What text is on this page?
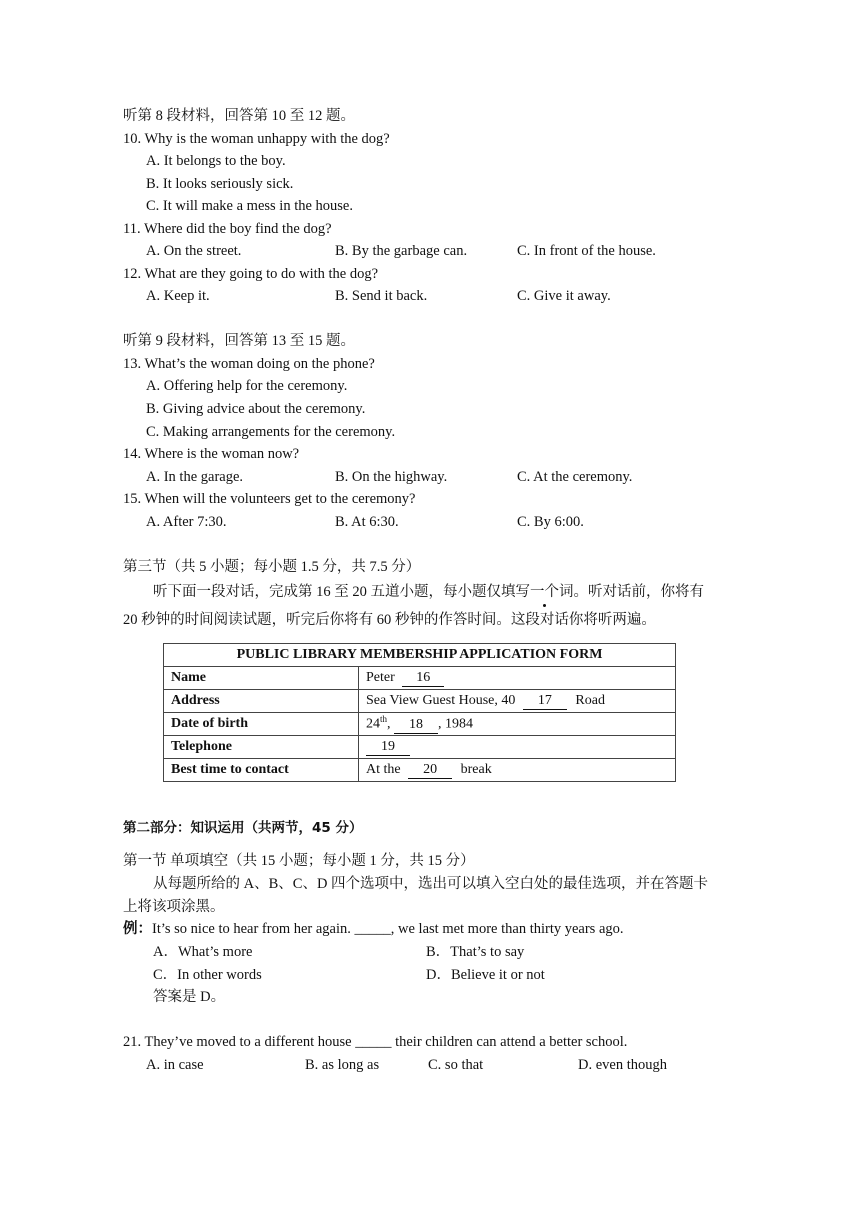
听第 8 段材料，回答第 10 至 12 题。
10. Why is the woman unhappy with the dog?
A. It belongs to the boy.
B. It looks seriously sick.
C. It will make a mess in the house.
11. Where did the boy find the dog?
A. On the street.	B. By the garbage can.	C. In front of the house.
12. What are they going to do with the dog?
A. Keep it.	B. Send it back.	C. Give it away.
听第 9 段材料，回答第 13 至 15 题。
13. What’s the woman doing on the phone?
A. Offering help for the ceremony.
B. Giving advice about the ceremony.
C. Making arrangements for the ceremony.
14. Where is the woman now?
A. In the garage.	B. On the highway.	C. At the ceremony.
15. When will the volunteers get to the ceremony?
A. After 7:30.	B. At 6:30.	C. By 6:00.
第三节（共 5 小题；每小题 1.5 分，共 7.5 分）
听下面一段对话，完成第 16 至 20 五道小题，每小题仅填写一个词。听对话前，你将有
20 秒钟的时间阅读试题，听完后你将有 60 秒钟的作答时间。这段对话你将听两遍。
PUBLIC LIBRARY MEMBERSHIP APPLICATION FORM	
Name	Peter 16
Address	Sea View Guest House, 40 17 Road
Date of birth	24th, 18 , 1984
Telephone	19
Best time to contact	At the 20 break
第二部分：知识运用（共两节，45 分）
第一节 单项填空（共 15 小题；每小题 1 分，共 15 分）
从每题所给的 A、B、C、D 四个选项中，选出可以填入空白处的最佳选项，并在答题卡
上将该项涂黑。
例：It’s so nice to hear from her again. _____, we last met more than thirty years ago.
A．What’s more	B．That’s to say
C．In other words	D．Believe it or not
答案是 D。
21. They’ve moved to a different house _____ their children can attend a better school.
A. in case	B. as long as	C. so that	D. even though
